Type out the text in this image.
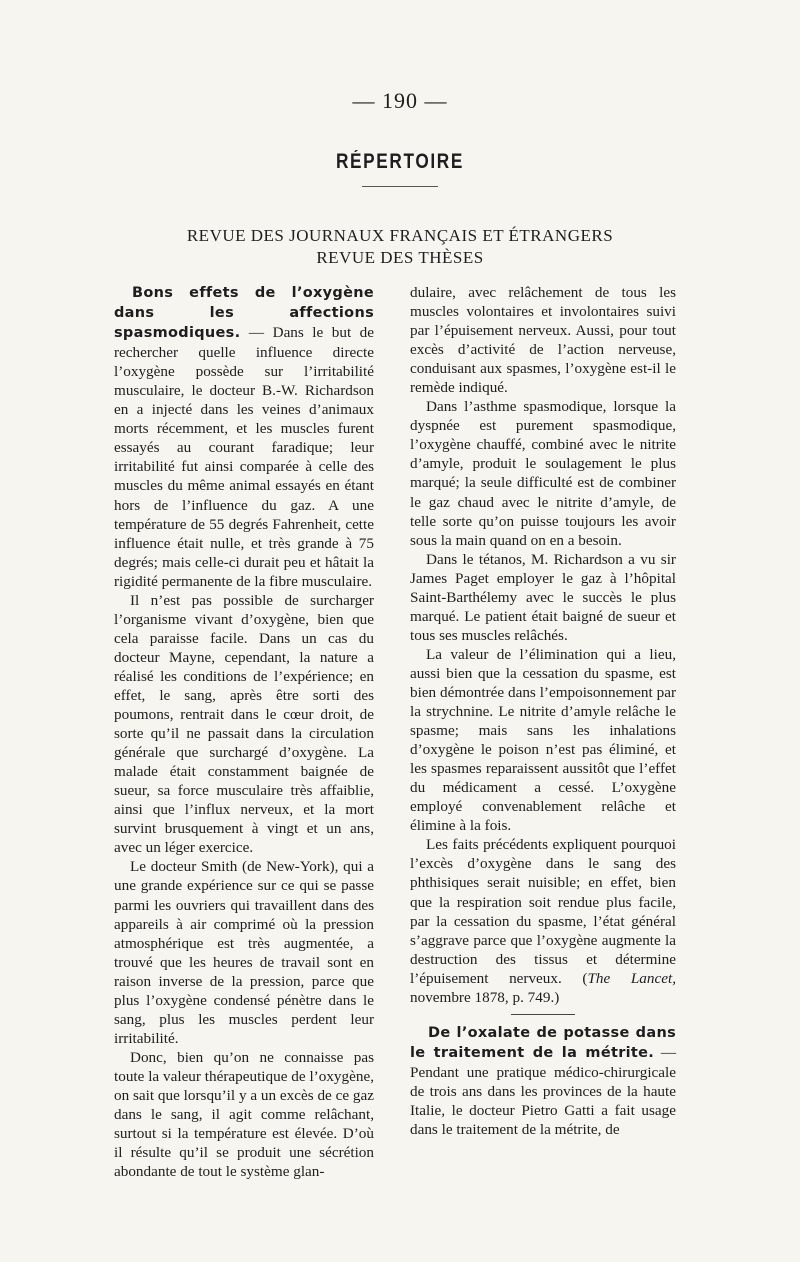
— 190 —
RÉPERTOIRE
REVUE DES JOURNAUX FRANÇAIS ET ÉTRANGERS
REVUE DES THÈSES

Bons effets de l’oxygène dans les affections spasmodiques. — Dans le but de rechercher quelle influence directe l’oxygène possède sur l’irritabilité musculaire, le docteur B.-W. Richardson en a injecté dans les veines d’animaux morts récemment, et les muscles furent essayés au courant faradique; leur irritabilité fut ainsi comparée à celle des muscles du même animal essayés en étant hors de l’influence du gaz. A une température de 55 degrés Fahrenheit, cette influence était nulle, et très grande à 75 degrés; mais celle-ci durait peu et hâtait la rigidité permanente de la fibre musculaire.

Il n’est pas possible de surcharger l’organisme vivant d’oxygène, bien que cela paraisse facile. Dans un cas du docteur Mayne, cependant, la nature a réalisé les conditions de l’expérience; en effet, le sang, après être sorti des poumons, rentrait dans le cœur droit, de sorte qu’il ne passait dans la circulation générale que surchargé d’oxygène. La malade était constamment baignée de sueur, sa force musculaire très affaiblie, ainsi que l’influx nerveux, et la mort survint brusquement à vingt et un ans, avec un léger exercice.

Le docteur Smith (de New-York), qui a une grande expérience sur ce qui se passe parmi les ouvriers qui travaillent dans des appareils à air comprimé où la pression atmosphérique est très augmentée, a trouvé que les heures de travail sont en raison inverse de la pression, parce que plus l’oxygène condensé pénètre dans le sang, plus les muscles perdent leur irritabilité.

Donc, bien qu’on ne connaisse pas toute la valeur thérapeutique de l’oxygène, on sait que lorsqu’il y a un excès de ce gaz dans le sang, il agit comme relâchant, surtout si la température est élevée. D’où il résulte qu’il se produit une sécrétion abondante de tout le système glan-

dulaire, avec relâchement de tous les muscles volontaires et involontaires suivi par l’épuisement nerveux. Aussi, pour tout excès d’activité de l’action nerveuse, conduisant aux spasmes, l’oxygène est-il le remède indiqué.

Dans l’asthme spasmodique, lorsque la dyspnée est purement spasmodique, l’oxygène chauffé, combiné avec le nitrite d’amyle, produit le soulagement le plus marqué; la seule difficulté est de combiner le gaz chaud avec le nitrite d’amyle, de telle sorte qu’on puisse toujours les avoir sous la main quand on en a besoin.

Dans le tétanos, M. Richardson a vu sir James Paget employer le gaz à l’hôpital Saint-Barthélemy avec le succès le plus marqué. Le patient était baigné de sueur et tous ses muscles relâchés.

La valeur de l’élimination qui a lieu, aussi bien que la cessation du spasme, est bien démontrée dans l’empoisonnement par la strychnine. Le nitrite d’amyle relâche le spasme; mais sans les inhalations d’oxygène le poison n’est pas éliminé, et les spasmes reparaissent aussitôt que l’effet du médicament a cessé. L’oxygène employé convenablement relâche et élimine à la fois.

Les faits précédents expliquent pourquoi l’excès d’oxygène dans le sang des phthisiques serait nuisible; en effet, bien que la respiration soit rendue plus facile, par la cessation du spasme, l’état général s’aggrave parce que l’oxygène augmente la destruction des tissus et détermine l’épuisement nerveux. (The Lancet, novembre 1878, p. 749.)

De l’oxalate de potasse dans le traitement de la métrite. — Pendant une pratique médico-chirurgicale de trois ans dans les provinces de la haute Italie, le docteur Pietro Gatti a fait usage dans le traitement de la métrite, de
